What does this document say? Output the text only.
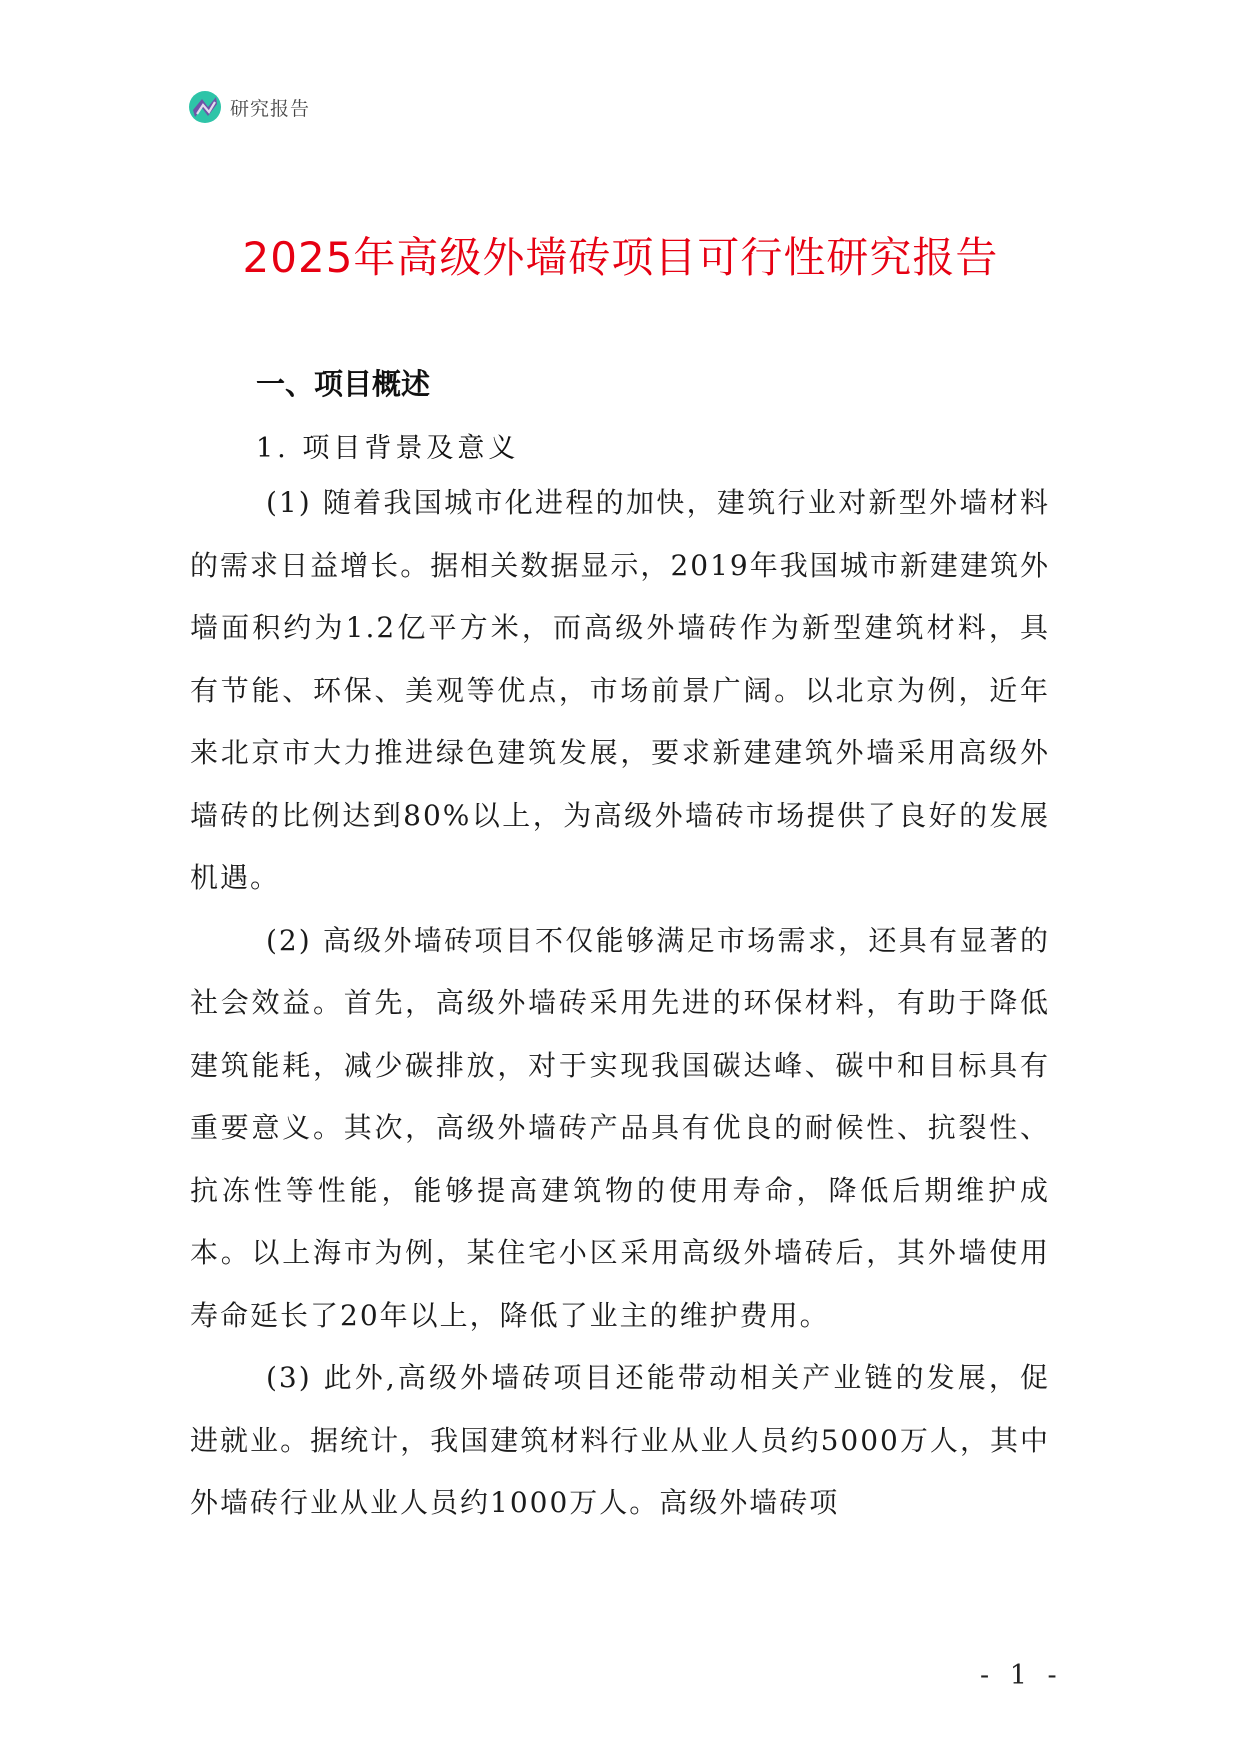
研究报告
2025年高级外墙砖项目可行性研究报告
一、项目概述
1. 项目背景及意义

(1) 随着我国城市化进程的加快，建筑行业对新型外墙材料的需求日益增长。据相关数据显示，2019年我国城市新建建筑外墙面积约为1.2亿平方米，而高级外墙砖作为新型建筑材料，具有节能、环保、美观等优点，市场前景广阔。以北京为例，近年来北京市大力推进绿色建筑发展，要求新建建筑外墙采用高级外墙砖的比例达到80%以上，为高级外墙砖市场提供了良好的发展机遇。

(2) 高级外墙砖项目不仅能够满足市场需求，还具有显著的社会效益。首先，高级外墙砖采用先进的环保材料，有助于降低建筑能耗，减少碳排放，对于实现我国碳达峰、碳中和目标具有重要意义。其次，高级外墙砖产品具有优良的耐候性、抗裂性、抗冻性等性能，能够提高建筑物的使用寿命，降低后期维护成本。以上海市为例，某住宅小区采用高级外墙砖后，其外墙使用寿命延长了20年以上，降低了业主的维护费用。

(3) 此外,高级外墙砖项目还能带动相关产业链的发展，促进就业。据统计，我国建筑材料行业从业人员约5000万人，其中外墙砖行业从业人员约1000万人。高级外墙砖项

- 1 -
